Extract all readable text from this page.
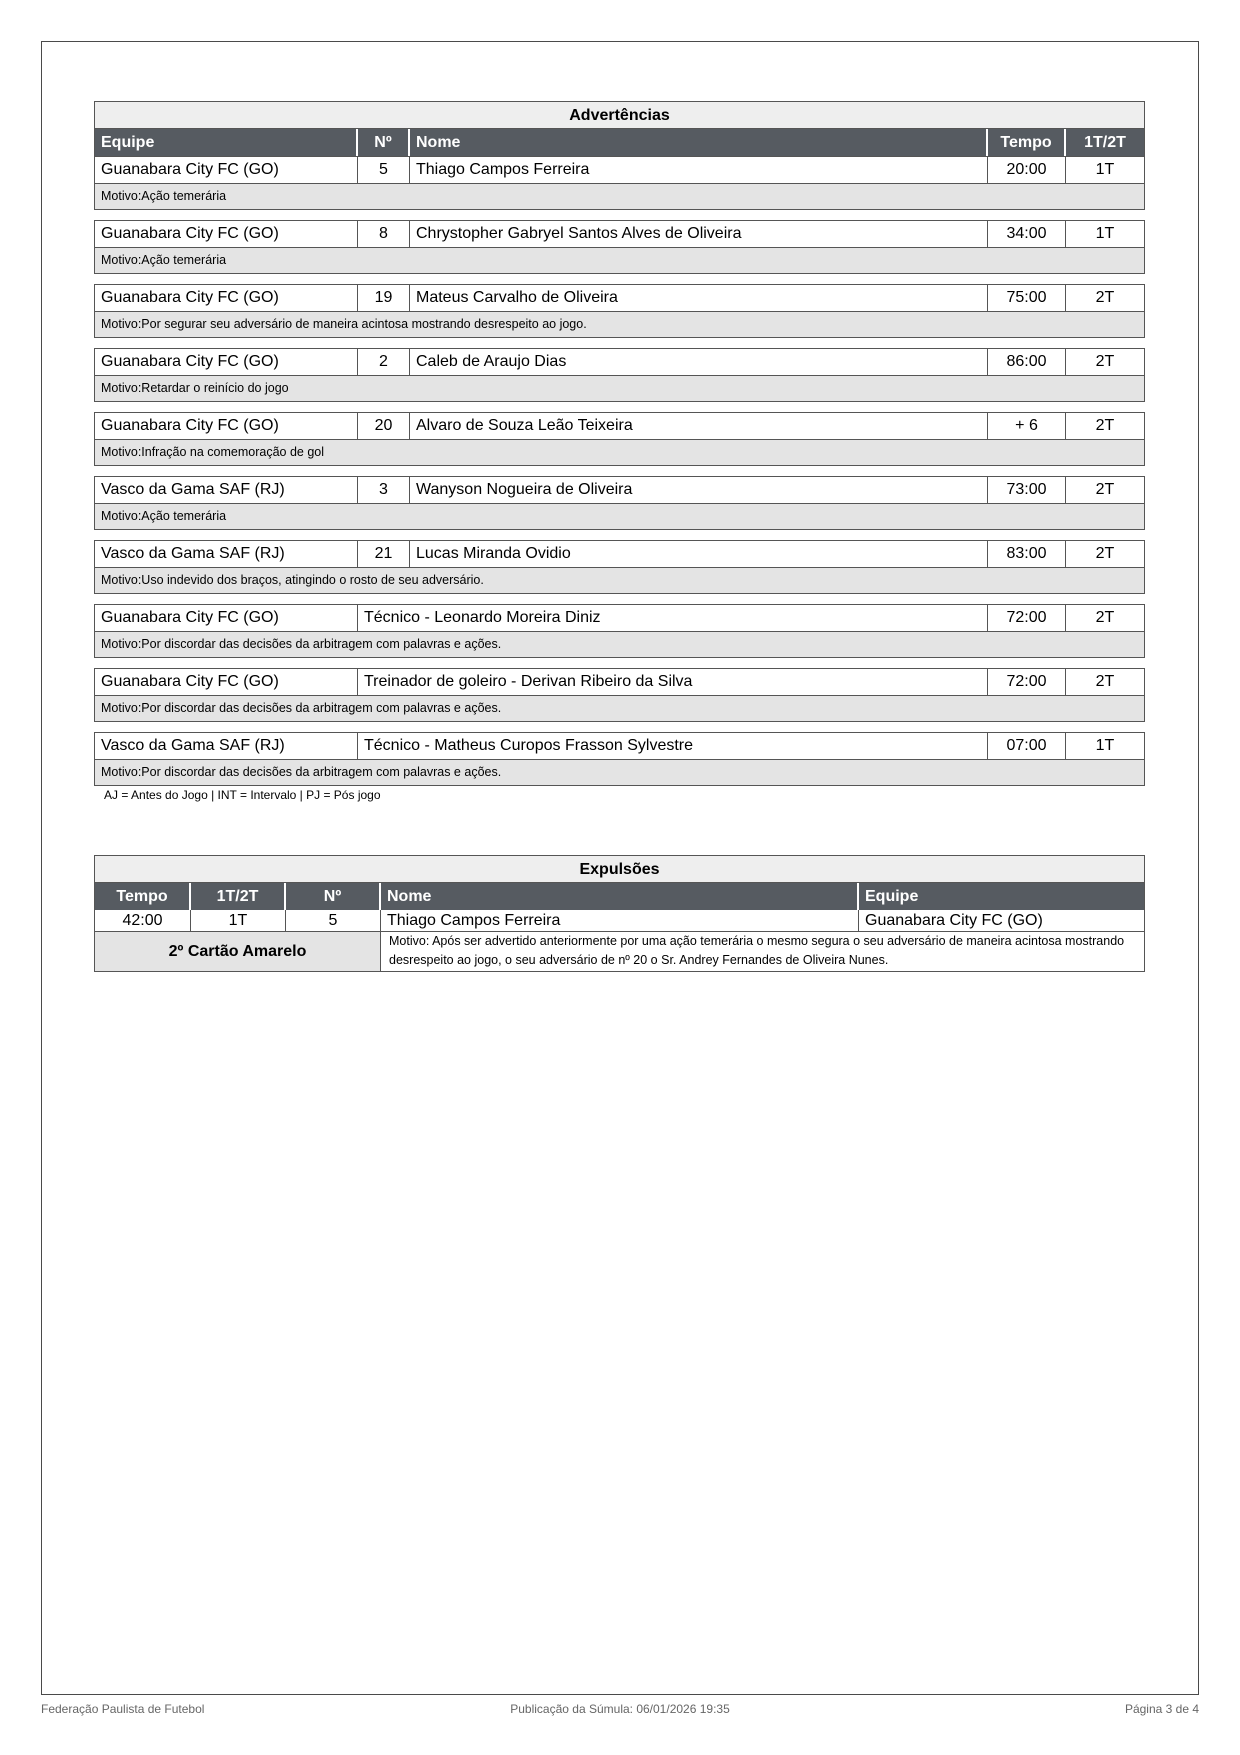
Advertências
Equipe	Nº	Nome	Tempo	1T/2T
Guanabara City FC (GO)	5	Thiago Campos Ferreira	20:00	1T
Motivo:Ação temerária
Guanabara City FC (GO)	8	Chrystopher Gabryel Santos Alves de Oliveira	34:00	1T
Motivo:Ação temerária
Guanabara City FC (GO)	19	Mateus Carvalho de Oliveira	75:00	2T
Motivo:Por segurar seu adversário de maneira acintosa mostrando desrespeito ao jogo.
Guanabara City FC (GO)	2	Caleb de Araujo Dias	86:00	2T
Motivo:Retardar o reinício do jogo
Guanabara City FC (GO)	20	Alvaro de Souza Leão Teixeira	+ 6	2T
Motivo:Infração na comemoração de gol
Vasco da Gama SAF (RJ)	3	Wanyson Nogueira de Oliveira	73:00	2T
Motivo:Ação temerária
Vasco da Gama SAF (RJ)	21	Lucas Miranda Ovidio	83:00	2T
Motivo:Uso indevido dos braços, atingindo o rosto de seu adversário.
Guanabara City FC (GO)	Técnico - Leonardo Moreira Diniz	72:00	2T
Motivo:Por discordar das decisões da arbitragem com palavras e ações.
Guanabara City FC (GO)	Treinador de goleiro - Derivan Ribeiro da Silva	72:00	2T
Motivo:Por discordar das decisões da arbitragem com palavras e ações.
Vasco da Gama SAF (RJ)	Técnico - Matheus Curopos Frasson Sylvestre	07:00	1T
Motivo:Por discordar das decisões da arbitragem com palavras e ações.
AJ = Antes do Jogo | INT = Intervalo | PJ = Pós jogo
Expulsões
Tempo	1T/2T	Nº	Nome	Equipe
42:00	1T	5	Thiago Campos Ferreira	Guanabara City FC (GO)
2º Cartão Amarelo
Motivo: Após ser advertido anteriormente por uma ação temerária o mesmo segura o seu adversário de maneira acintosa mostrando desrespeito ao jogo, o seu adversário de nº 20 o Sr. Andrey Fernandes de Oliveira Nunes.
Federação Paulista de Futebol	Publicação da Súmula: 06/01/2026 19:35	Página 3 de 4
